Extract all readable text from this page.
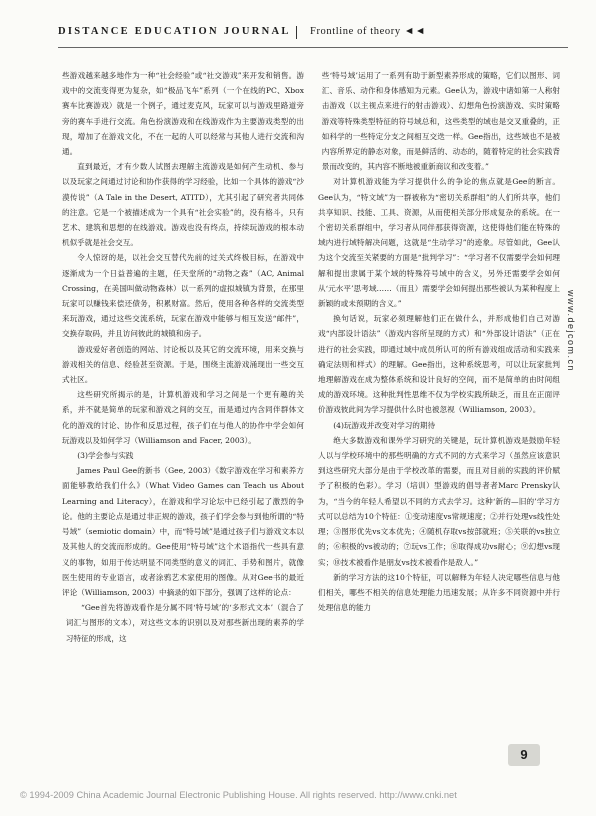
DISTANCE EDUCATION JOURNAL Frontline of theory ◄◄

些游戏越来越多地作为一种“社会经验”或“社交游戏”来开发和销售。游戏中的交流变得更为复杂，如“极品飞车”系列（一个在线的PC、Xbox赛车比赛游戏）就是一个例子，通过麦克风，玩家可以与游戏里路道旁旁的赛车手进行交流。角色扮演游戏和在线游戏作为主要游戏类型的出现，增加了在游戏文化，不在一起的人可以经常与其他人进行交流和沟通。

直到最近，才有少数人试图去理解主流游戏是如何产生动机、参与以及玩家之间通过讨论和协作获得的学习经验，比如一个具体的游戏“沙漠传说”（A Tale in the Desert, ATITD），尤其引起了研究者共同体的注意。它是一个被描述成为一个具有“社会实验”的，没有格斗，只有艺术、建筑和思想的在线游戏。游戏也没有终点，持续玩游戏的根本动机似乎就是社会交互。

令人惊讶的是，以社会交互替代先前的过关式终极目标，在游戏中逐渐成为一个日益普遍的主题，任天堂所的“动物之森”（AC, Animal Crossing，在美国叫做动物森林）以一系列的虚拟城镇为背景，在那里玩家可以赚钱来偿还债务，积累财富。然后，使用各种各样的交流类型来玩游戏，通过这些交流系统，玩家在游戏中能够与相互发送“邮件”，交换存取码，并且访问彼此的城镇和房子。

游戏爱好者创造的网站、讨论板以及其它的交流环境，用来交换与游戏相关的信息、经验甚至资源。于是，围绕主流游戏涌现出一些交互式社区。

这些研究所揭示的是，计算机游戏和学习之间是一个更有趣的关系，并不就是简单的玩家和游戏之间的交互，而是通过内含同伴群体文化的游戏的讨论、协作和反思过程，孩子们在与他人的协作中学会如何玩游戏以及如何学习（Williamson and Facer, 2003）。

(3)学会参与实践

James Paul Gee的新书（Gee, 2003）《数字游戏在学习和素养方面能够教给我们什么》（What Video Games can Teach us About Learning and Literacy），在游戏和学习论坛中已经引起了激烈的争论。他的主要论点是通过非正规的游戏，孩子们学会参与到他所谓的“特号域”（semiotic domain）中，而“特号域”是通过孩子们与游戏文本以及其他人的交流而形成的。Gee使用“特号域”这个术语指代一些具有意义的事物，如用于传达明显不同类型的意义的词汇、手势和图片，就像医生使用的专业语言，或者涂鸦艺术家使用的图像。从对Gee书的最近评论（Williamson, 2003）中摘录的如下部分，强调了这样的论点：

“Gee首先将游戏看作是分属不同‘特号域’的‘多形式文本’（混合了词汇与图形的文本），对这些文本的识别以及对那些新出现的素养的学习特征的形成，这

些‘特号域’运用了一系列有助于新型素养形成的策略，它们以图形、词汇、音乐、动作和身体感知为元素。Gee认为，游戏中诸如第一人称射击游戏（以主视点来进行的射击游戏）、幻想角色扮演游戏、实时策略游戏等特殊类型特征的符号域总和，这些类型的域也是交叉重叠的，正如科学的一些特定分支之间相互交迭一样。Gee指出，这些域也不是被内容所界定的静态对象，而是鲜活的、动态的，随着特定的社会实践背景而改变的，其内容不断地被重新商议和改变着。”

对计算机游戏能为学习提供什么的争论的焦点就是Gee的断言。Gee认为，“特文域”为一群被称为“密切关系群组”的人们所共享，他们共享知识、技能、工具、资源，从而使相关部分形成复杂的系统。在一个密切关系群组中，学习者从同伴那获得资源，这使得他们能在特殊的域内进行域特解决问题，这就是“生动学习”的迹象。尽管如此，Gee认为这个交流至关紧要的方面是“批判学习”：“学习者不仅需要学会如何理解和提出隶属于某个域的特殊符号域中的含义，另外还需要学会如何从‘元水平’思考域……（而且）需要学会如何提出那些被认为某种程度上新颖的或未预期的含义。”

换句话说，玩家必须理解他们正在做什么，并形成他们自己对游戏“内部设计语法”（游戏内容所呈现的方式）和“外部设计语法”（正在进行的社会实践，即通过域中成员所认可的所有游戏组成活动和实践来确定法则和样式）的理解。Gee指出，这种系统思考，可以让玩家批判地理解游戏在成为整体系统和设计良好的空间，而不是简单的由时间组成的游戏环境。这种批判性思维不仅为学校实践所缺乏，而且在正面评价游戏彼此间为学习提供什么时也被忽视（Williamson, 2003）。

(4)玩游戏并改变对学习的期待

绝大多数游戏和课外学习研究的关键是，玩计算机游戏是鼓励年轻人以与学校环境中的那些明确的方式不同的方式来学习（虽然应该意识到这些研究大部分是由于学校改革的需要，而且对目前的实践的评价赋予了积极的色彩）。学习（培训）型游戏的倡导者者Marc Prensky认为，“当今的年轻人希望以不同的方式去学习。这种‘新的—旧的’学习方式可以总结为10个特征：①变动速度vs常规速度；②并行处理vs线性处理；③图形优先vs文本优先；④随机存取vs按部就班；⑤关联的vs独立的；⑥积极的vs被动的；⑦玩vs工作；⑧取得成功vs耐心；⑨幻想vs现实；⑩技术被看作是朋友vs技术被看作是敌人。”

新的学习方法的这10个特征，可以解释为年轻人决定哪些信息与他们相关，哪些不相关的信息处理能力迅速发展；从许多不同资源中并行处理信息的能力

www.dejcom.cn
9
© 1994-2009 China Academic Journal Electronic Publishing House. All rights reserved. http://www.cnki.net
